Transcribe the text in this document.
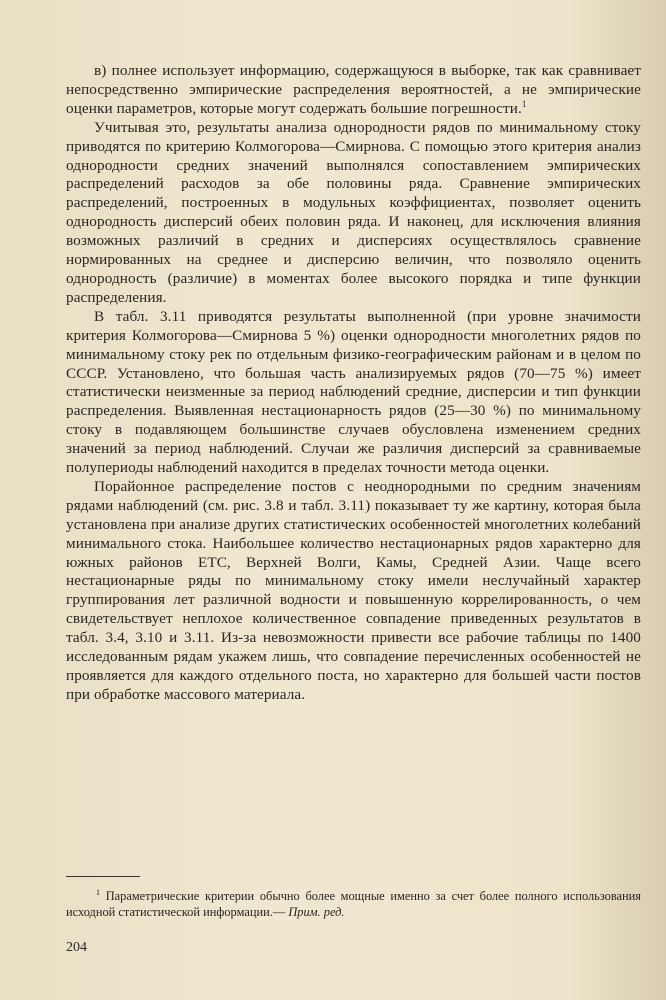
в) полнее использует информацию, содержащуюся в выборке, так как сравнивает непосредственно эмпирические распределения вероятностей, а не эмпирические оценки параметров, которые могут содержать большие погрешности.$^1$

Учитывая это, результаты анализа однородности рядов по минимальному стоку приводятся по критерию Колмогорова—Смирнова. С помощью этого критерия анализ однородности средних значений выполнялся сопоставлением эмпирических распределений расходов за обе половины ряда. Сравнение эмпирических распределений, построенных в модульных коэффициентах, позволяет оценить однородность дисперсий обеих половин ряда. И наконец, для исключения влияния возможных различий в средних и дисперсиях осуществлялось сравнение нормированных на среднее и дисперсию величин, что позволяло оценить однородность (различие) в моментах более высокого порядка и типе функции распределения.

В табл. 3.11 приводятся результаты выполненной (при уровне значимости критерия Колмогорова—Смирнова 5 %) оценки однородности многолетних рядов по минимальному стоку рек по отдельным физико-географическим районам и в целом по СССР. Установлено, что большая часть анализируемых рядов (70—75 %) имеет статистически неизменные за период наблюдений средние, дисперсии и тип функции распределения. Выявленная нестационарность рядов (25—30 %) по минимальному стоку в подавляющем большинстве случаев обусловлена изменением средних значений за период наблюдений. Случаи же различия дисперсий за сравниваемые полупериоды наблюдений находится в пределах точности метода оценки.

Порайонное распределение постов с неоднородными по средним значениям рядами наблюдений (см. рис. 3.8 и табл. 3.11) показывает ту же картину, которая была установлена при анализе других статистических особенностей многолетних колебаний минимального стока. Наибольшее количество нестационарных рядов характерно для южных районов ЕТС, Верхней Волги, Камы, Средней Азии. Чаще всего нестационарные ряды по минимальному стоку имели неслучайный характер группирования лет различной водности и повышенную коррелированность, о чем свидетельствует неплохое количественное совпадение приведенных результатов в табл. 3.4, 3.10 и 3.11. Из-за невозможности привести все рабочие таблицы по 1400 исследованным рядам укажем лишь, что совпадение перечисленных особенностей не проявляется для каждого отдельного поста, но характерно для большей части постов при обработке массового материала.

$^1$ Параметрические критерии обычно более мощные именно за счет более полного использования исходной статистической информации.— Прим. ред.
204
